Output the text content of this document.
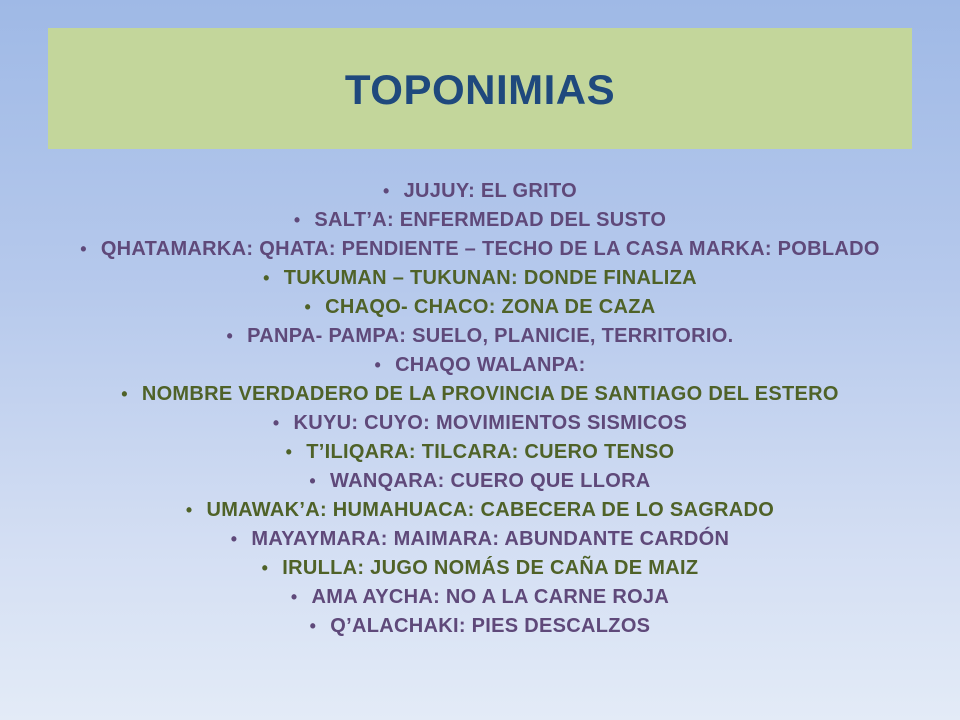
TOPONIMIAS
• JUJUY: EL GRITO
• SALT’A: ENFERMEDAD DEL SUSTO
• QHATAMARKA: QHATA: PENDIENTE – TECHO DE LA CASA MARKA: POBLADO
• TUKUMAN – TUKUNAN: DONDE FINALIZA
• CHAQO- CHACO: ZONA DE CAZA
• PANPA- PAMPA: SUELO, PLANICIE, TERRITORIO.
• CHAQO WALANPA:
• NOMBRE VERDADERO DE LA PROVINCIA DE SANTIAGO DEL ESTERO
• KUYU: CUYO: MOVIMIENTOS SISMICOS
• T’ILIQARA: TILCARA: CUERO TENSO
• WANQARA: CUERO QUE LLORA
• UMAWAK’A: HUMAHUACA: CABECERA DE LO SAGRADO
• MAYAYMARA: MAIMARA: ABUNDANTE CARDÓN
• IRULLA: JUGO NOMÁS DE CAÑA DE MAIZ
• AMA AYCHA: NO A LA CARNE ROJA
• Q’ALACHAKI: PIES DESCALZOS
